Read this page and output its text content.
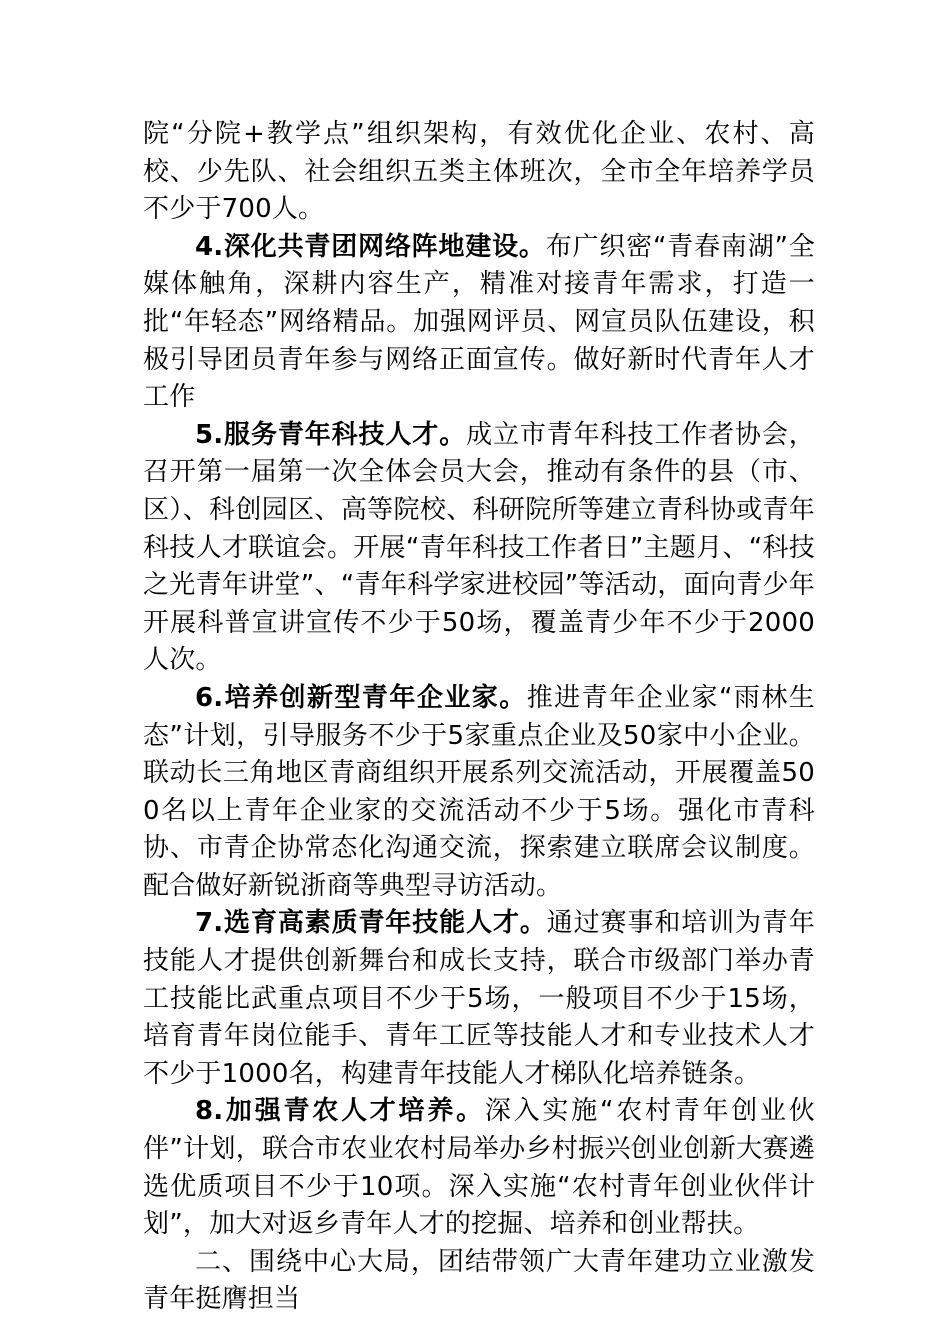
院“分院+教学点”组织架构，有效优化企业、农村、高校、少先队、社会组织五类主体班次，全市全年培养学员不少于700人。

4.深化共青团网络阵地建设。布广织密“青春南湖”全媒体触角，深耕内容生产，精准对接青年需求，打造一批“年轻态”网络精品。加强网评员、网宣员队伍建设，积极引导团员青年参与网络正面宣传。做好新时代青年人才工作

5.服务青年科技人才。成立市青年科技工作者协会，召开第一届第一次全体会员大会，推动有条件的县（市、区）、科创园区、高等院校、科研院所等建立青科协或青年科技人才联谊会。开展“青年科技工作者日”主题月、“科技之光青年讲堂”、“青年科学家进校园”等活动，面向青少年开展科普宣讲宣传不少于50场，覆盖青少年不少于2000人次。

6.培养创新型青年企业家。推进青年企业家“雨林生态”计划，引导服务不少于5家重点企业及50家中小企业。联动长三角地区青商组织开展系列交流活动，开展覆盖500名以上青年企业家的交流活动不少于5场。强化市青科协、市青企协常态化沟通交流，探索建立联席会议制度。配合做好新锐浙商等典型寻访活动。

7.选育高素质青年技能人才。通过赛事和培训为青年技能人才提供创新舞台和成长支持，联合市级部门举办青工技能比武重点项目不少于5场，一般项目不少于15场，培育青年岗位能手、青年工匠等技能人才和专业技术人才不少于1000名，构建青年技能人才梯队化培养链条。

8.加强青农人才培养。深入实施“农村青年创业伙伴”计划，联合市农业农村局举办乡村振兴创业创新大赛遴选优质项目不少于10项。深入实施“农村青年创业伙伴计划”，加大对返乡青年人才的挖掘、培养和创业帮扶。

二、围绕中心大局，团结带领广大青年建功立业激发青年挺膺担当
